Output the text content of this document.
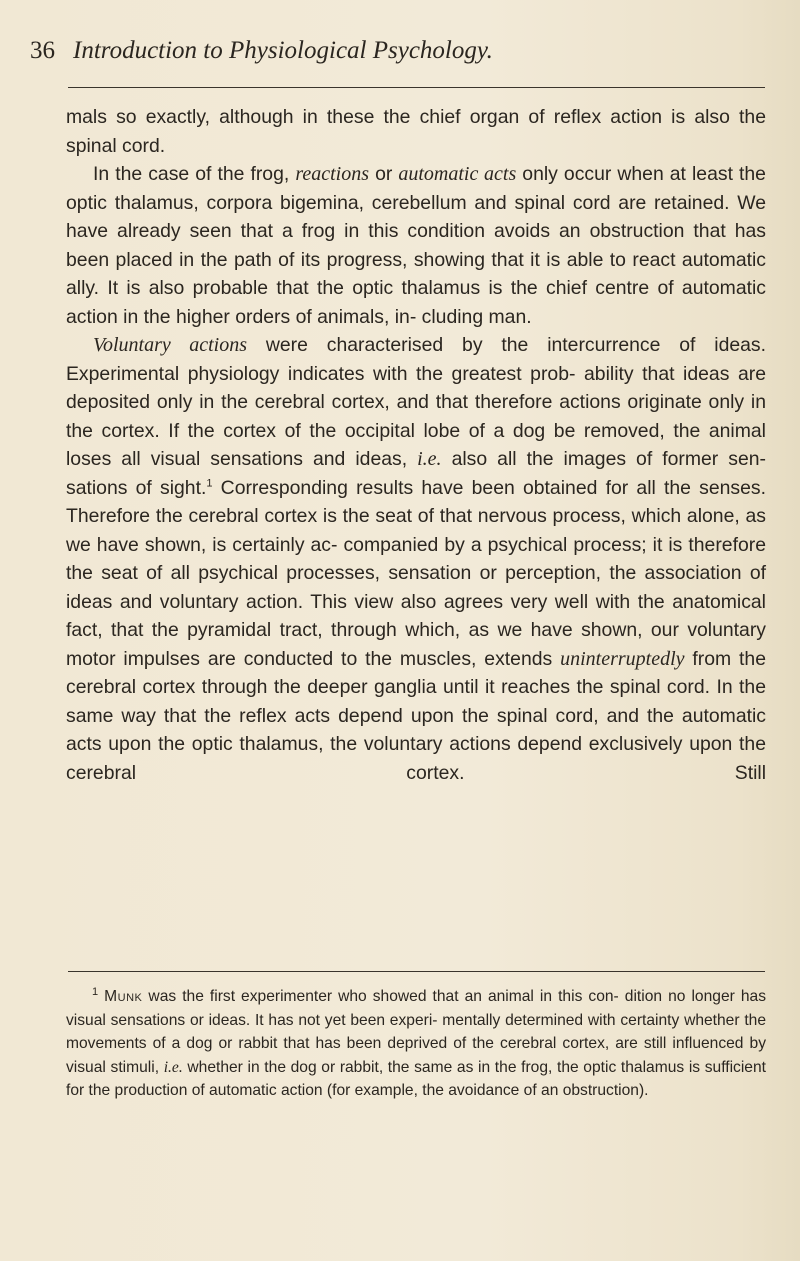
36 Introduction to Physiological Psychology.

mals so exactly, although in these the chief organ of reflex action is also the spinal cord.

In the case of the frog, reactions or automatic acts only occur when at least the optic thalamus, corpora bigemina, cerebellum and spinal cord are retained. We have already seen that a frog in this condition avoids an obstruction that has been placed in the path of its progress, showing that it is able to react automatic ally. It is also probable that the optic thalamus is the chief centre of automatic action in the higher orders of animals, in- cluding man.

Voluntary actions were characterised by the intercurrence of ideas. Experimental physiology indicates with the greatest prob- ability that ideas are deposited only in the cerebral cortex, and that therefore actions originate only in the cortex. If the cortex of the occipital lobe of a dog be removed, the animal loses all visual sensations and ideas, i.e. also all the images of former sen- sations of sight.$^1$ Corresponding results have been obtained for all the senses. Therefore the cerebral cortex is the seat of that nervous process, which alone, as we have shown, is certainly ac- companied by a psychical process; it is therefore the seat of all psychical processes, sensation or perception, the association of ideas and voluntary action. This view also agrees very well with the anatomical fact, that the pyramidal tract, through which, as we have shown, our voluntary motor impulses are conducted to the muscles, extends uninterruptedly from the cerebral cortex through the deeper ganglia until it reaches the spinal cord. In the same way that the reflex acts depend upon the spinal cord, and the automatic acts upon the optic thalamus, the voluntary actions depend exclusively upon the cerebral cortex. Still

$^1$ Munk was the first experimenter who showed that an animal in this con- dition no longer has visual sensations or ideas. It has not yet been experi- mentally determined with certainty whether the movements of a dog or rabbit that has been deprived of the cerebral cortex, are still influenced by visual stimuli, i.e. whether in the dog or rabbit, the same as in the frog, the optic thalamus is sufficient for the production of automatic action (for example, the avoidance of an obstruction).
